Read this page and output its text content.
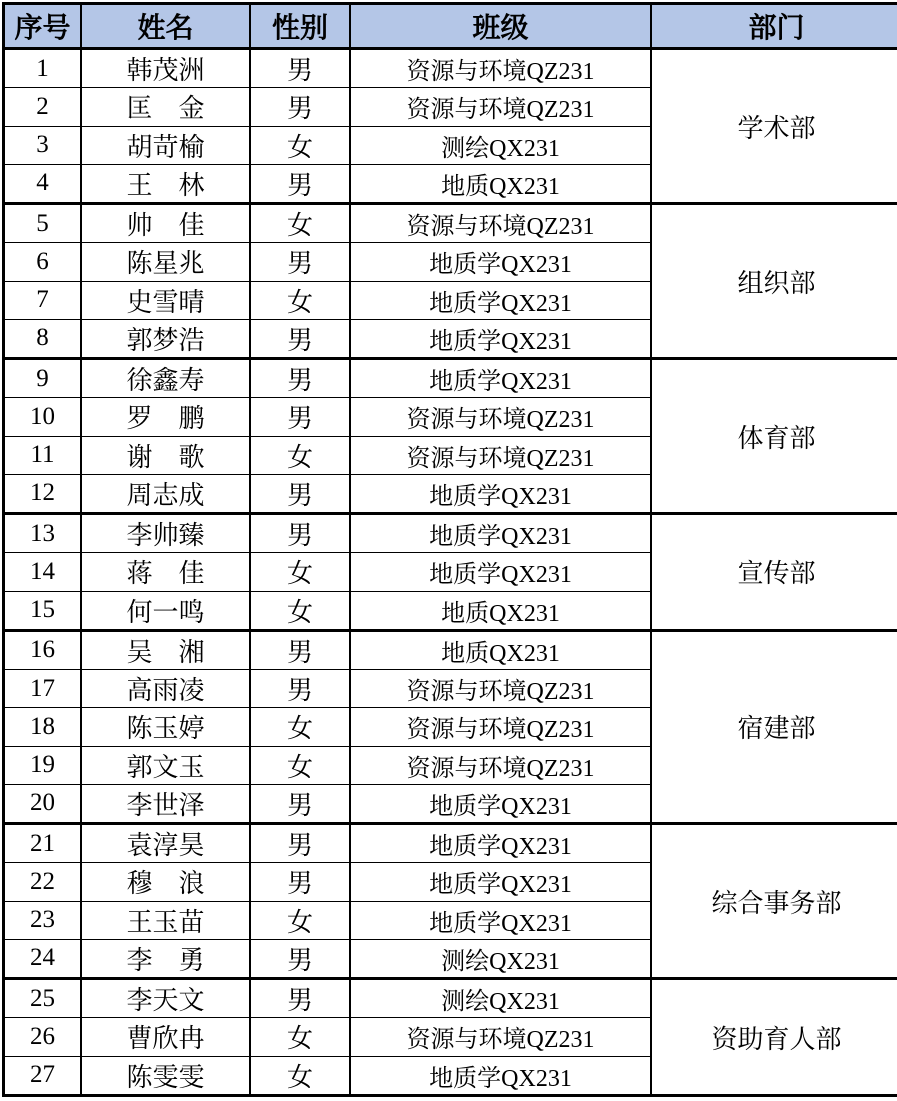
序号	姓名	性别	班级	部门
1	韩茂洲	男	资源与环境QZ231	学术部
2	匡　金	男	资源与环境QZ231	
3	胡苛榆	女	测绘QX231	
4	王　林	男	地质QX231	
5	帅　佳	女	资源与环境QZ231	组织部
6	陈星兆	男	地质学QX231	
7	史雪晴	女	地质学QX231	
8	郭梦浩	男	地质学QX231	
9	徐鑫寿	男	地质学QX231	体育部
10	罗　鹏	男	资源与环境QZ231	
11	谢　歌	女	资源与环境QZ231	
12	周志成	男	地质学QX231	
13	李帅臻	男	地质学QX231	宣传部
14	蒋　佳	女	地质学QX231	
15	何一鸣	女	地质QX231	
16	吴　湘	男	地质QX231	宿建部
17	高雨凌	男	资源与环境QZ231	
18	陈玉婷	女	资源与环境QZ231	
19	郭文玉	女	资源与环境QZ231	
20	李世泽	男	地质学QX231	
21	袁淳昊	男	地质学QX231	综合事务部
22	穆　浪	男	地质学QX231	
23	王玉苗	女	地质学QX231	
24	李　勇	男	测绘QX231	
25	李天文	男	测绘QX231	资助育人部
26	曹欣冉	女	资源与环境QZ231	
27	陈雯雯	女	地质学QX231	
